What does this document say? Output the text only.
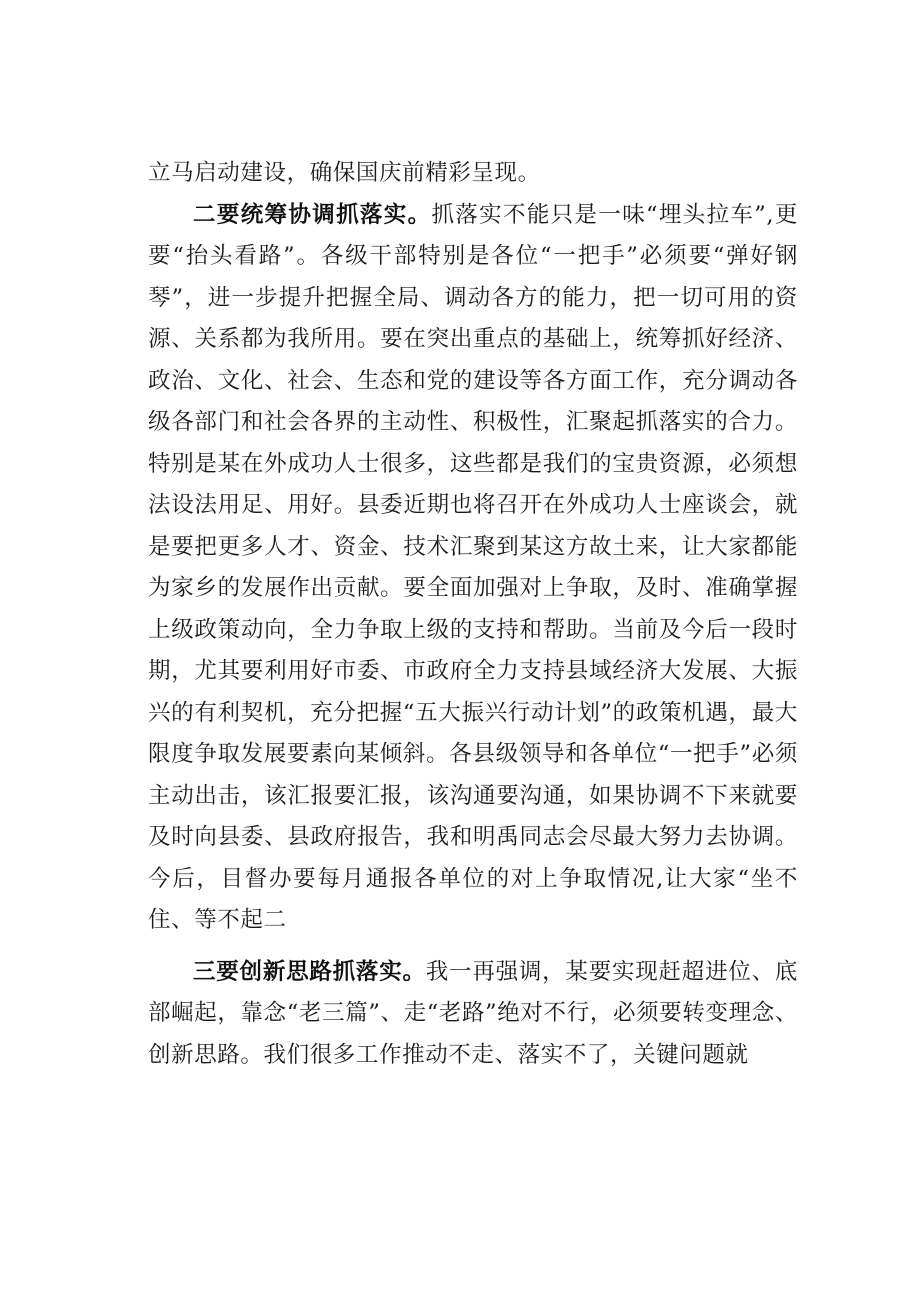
立马启动建设，确保国庆前精彩呈现。

二要统筹协调抓落实。抓落实不能只是一味“埋头拉车”,更要“抬头看路”。各级干部特别是各位“一把手”必须要“弹好钢琴”，进一步提升把握全局、调动各方的能力，把一切可用的资源、关系都为我所用。要在突出重点的基础上，统筹抓好经济、政治、文化、社会、生态和党的建设等各方面工作，充分调动各级各部门和社会各界的主动性、积极性，汇聚起抓落实的合力。特别是某在外成功人士很多，这些都是我们的宝贵资源，必须想法设法用足、用好。县委近期也将召开在外成功人士座谈会，就是要把更多人才、资金、技术汇聚到某这方故土来，让大家都能为家乡的发展作出贡献。要全面加强对上争取，及时、准确掌握上级政策动向，全力争取上级的支持和帮助。当前及今后一段时期，尤其要利用好市委、市政府全力支持县域经济大发展、大振兴的有利契机，充分把握“五大振兴行动计划”的政策机遇，最大限度争取发展要素向某倾斜。各县级领导和各单位“一把手”必须主动出击，该汇报要汇报，该沟通要沟通，如果协调不下来就要及时向县委、县政府报告，我和明禹同志会尽最大努力去协调。今后，目督办要每月通报各单位的对上争取情况,让大家“坐不住、等不起二

三要创新思路抓落实。我一再强调，某要实现赶超进位、底部崛起，靠念“老三篇”、走“老路”绝对不行，必须要转变理念、创新思路。我们很多工作推动不走、落实不了，关键问题就
